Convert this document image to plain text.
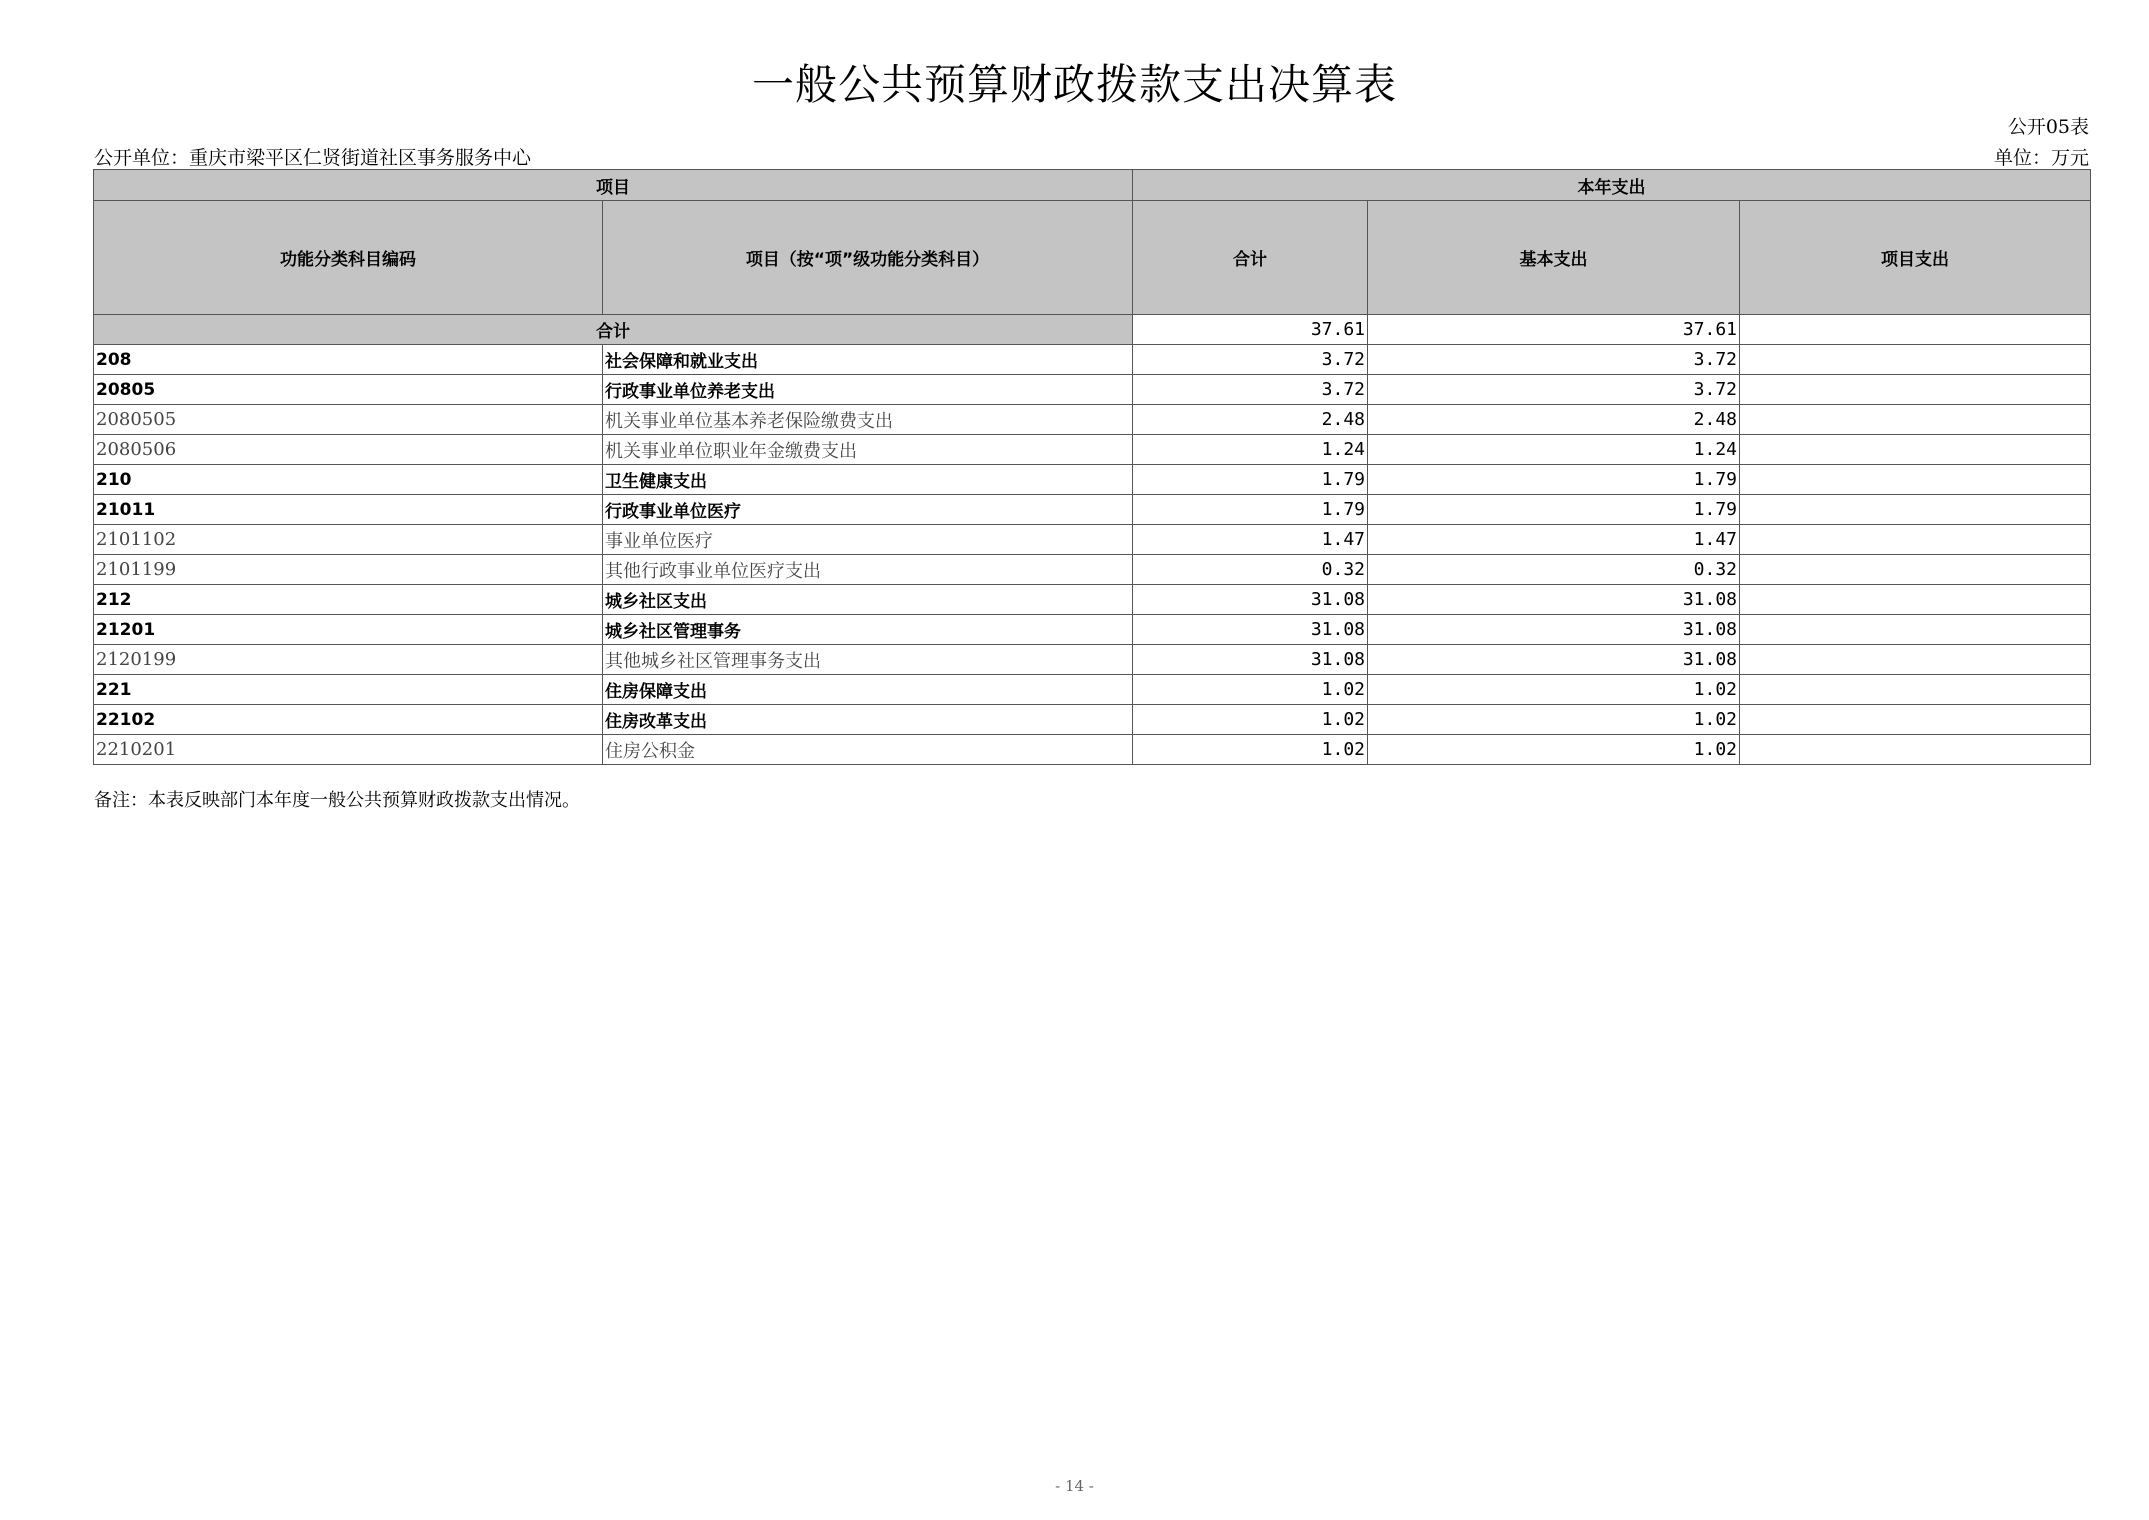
一般公共预算财政拨款支出决算表
公开05表
公开单位：重庆市梁平区仁贤街道社区事务服务中心	单位：万元
项目		本年支出		
功能分类科目编码	项目（按“项”级功能分类科目）	合计	基本支出	项目支出
合计		37.61	37.61	
208	社会保障和就业支出	3.72	3.72	
20805	行政事业单位养老支出	3.72	3.72	
2080505	机关事业单位基本养老保险缴费支出	2.48	2.48	
2080506	机关事业单位职业年金缴费支出	1.24	1.24	
210	卫生健康支出	1.79	1.79	
21011	行政事业单位医疗	1.79	1.79	
2101102	事业单位医疗	1.47	1.47	
2101199	其他行政事业单位医疗支出	0.32	0.32	
212	城乡社区支出	31.08	31.08	
21201	城乡社区管理事务	31.08	31.08	
2120199	其他城乡社区管理事务支出	31.08	31.08	
221	住房保障支出	1.02	1.02	
22102	住房改革支出	1.02	1.02	
2210201	住房公积金	1.02	1.02	
备注：本表反映部门本年度一般公共预算财政拨款支出情况。
- 14 -
